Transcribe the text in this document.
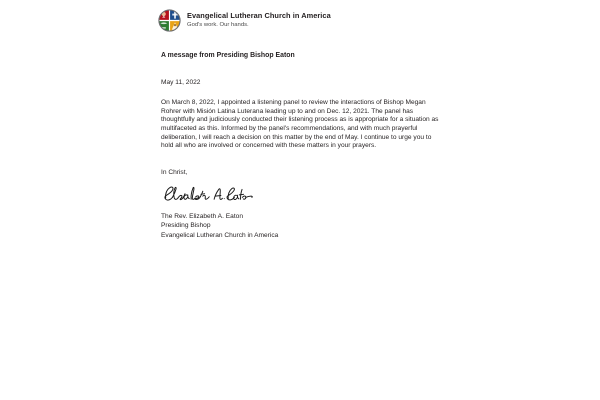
Evangelical Lutheran Church in America
God's work. Our hands.

A message from Presiding Bishop Eaton

May 11, 2022

On March 8, 2022, I appointed a listening panel to review the interactions of Bishop Megan Rohrer with Misión Latina Luterana leading up to and on Dec. 12, 2021. The panel has thoughtfully and judiciously conducted their listening process as is appropriate for a situation as multifaceted as this. Informed by the panel's recommendations, and with much prayerful deliberation, I will reach a decision on this matter by the end of May. I continue to urge you to hold all who are involved or concerned with these matters in your prayers.

In Christ,

The Rev. Elizabeth A. Eaton
Presiding Bishop
Evangelical Lutheran Church in America
